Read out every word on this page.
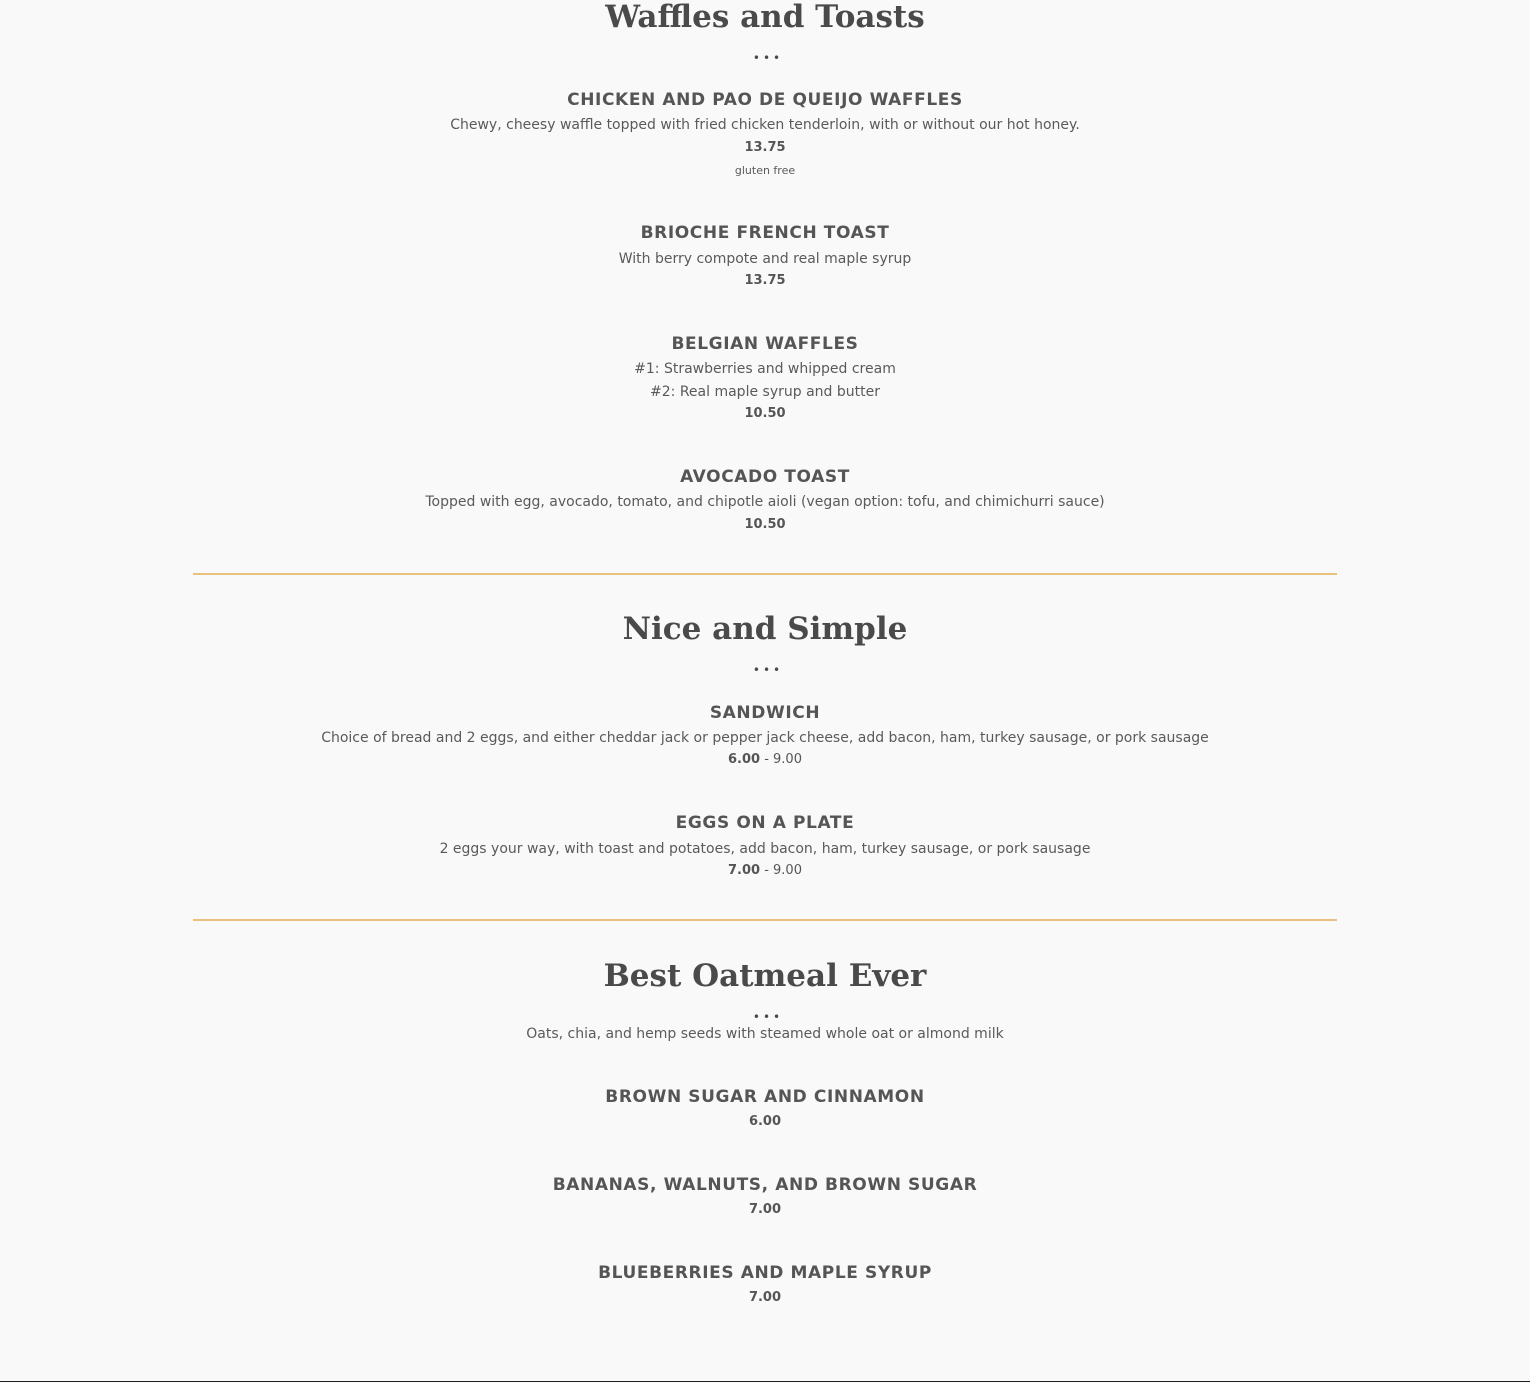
Waffles and Toasts
•••
CHICKEN AND PAO DE QUEIJO WAFFLES
Chewy, cheesy waffle topped with fried chicken tenderloin, with or without our hot honey.
13.75
gluten free
BRIOCHE FRENCH TOAST
With berry compote and real maple syrup
13.75
BELGIAN WAFFLES
#1: Strawberries and whipped cream
#2: Real maple syrup and butter
10.50
AVOCADO TOAST
Topped with egg, avocado, tomato, and chipotle aioli (vegan option: tofu, and chimichurri sauce)
10.50
Nice and Simple
•••
SANDWICH
Choice of bread and 2 eggs, and either cheddar jack or pepper jack cheese, add bacon, ham, turkey sausage, or pork sausage
6.00 - 9.00
EGGS ON A PLATE
2 eggs your way, with toast and potatoes, add bacon, ham, turkey sausage, or pork sausage
7.00 - 9.00
Best Oatmeal Ever
•••
Oats, chia, and hemp seeds with steamed whole oat or almond milk
BROWN SUGAR AND CINNAMON
6.00
BANANAS, WALNUTS, AND BROWN SUGAR
7.00
BLUEBERRIES AND MAPLE SYRUP
7.00
